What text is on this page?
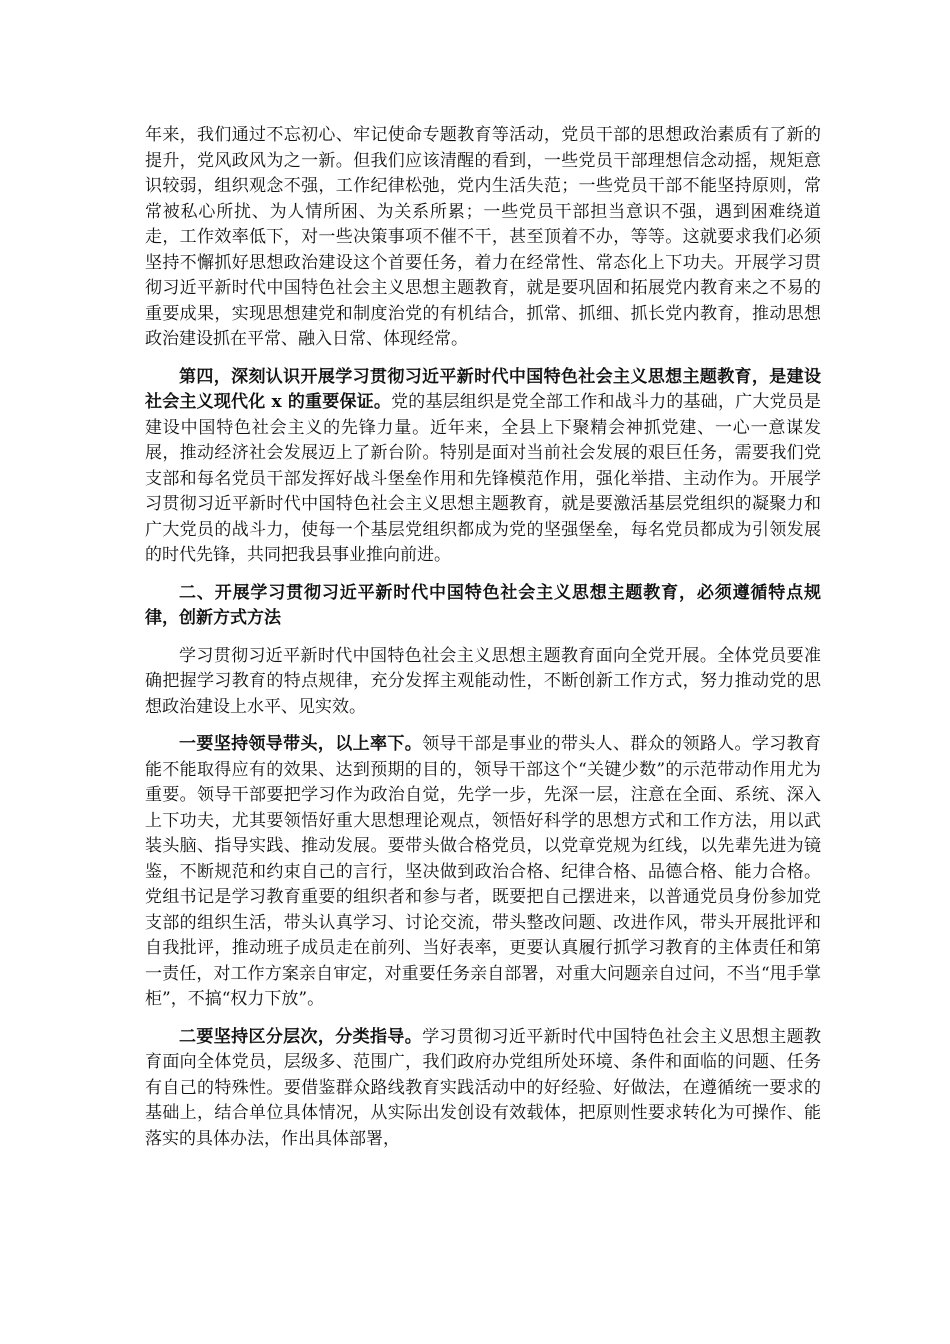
年来，我们通过不忘初心、牢记使命专题教育等活动，党员干部的思想政治素质有了新的提升，党风政风为之一新。但我们应该清醒的看到，一些党员干部理想信念动摇，规矩意识较弱，组织观念不强，工作纪律松弛，党内生活失范；一些党员干部不能坚持原则，常常被私心所扰、为人情所困、为关系所累；一些党员干部担当意识不强，遇到困难绕道走，工作效率低下，对一些决策事项不催不干，甚至顶着不办，等等。这就要求我们必须坚持不懈抓好思想政治建设这个首要任务，着力在经常性、常态化上下功夫。开展学习贯彻习近平新时代中国特色社会主义思想主题教育，就是要巩固和拓展党内教育来之不易的重要成果，实现思想建党和制度治党的有机结合，抓常、抓细、抓长党内教育，推动思想政治建设抓在平常、融入日常、体现经常。

第四，深刻认识开展学习贯彻习近平新时代中国特色社会主义思想主题教育，是建设社会主义现代化 x 的重要保证。党的基层组织是党全部工作和战斗力的基础，广大党员是建设中国特色社会主义的先锋力量。近年来，全县上下聚精会神抓党建、一心一意谋发展，推动经济社会发展迈上了新台阶。特别是面对当前社会发展的艰巨任务，需要我们党支部和每名党员干部发挥好战斗堡垒作用和先锋模范作用，强化举措、主动作为。开展学习贯彻习近平新时代中国特色社会主义思想主题教育，就是要激活基层党组织的凝聚力和广大党员的战斗力，使每一个基层党组织都成为党的坚强堡垒，每名党员都成为引领发展的时代先锋，共同把我县事业推向前进。

二、开展学习贯彻习近平新时代中国特色社会主义思想主题教育，必须遵循特点规律，创新方式方法

学习贯彻习近平新时代中国特色社会主义思想主题教育面向全党开展。全体党员要准确把握学习教育的特点规律，充分发挥主观能动性，不断创新工作方式，努力推动党的思想政治建设上水平、见实效。

一要坚持领导带头，以上率下。领导干部是事业的带头人、群众的领路人。学习教育能不能取得应有的效果、达到预期的目的，领导干部这个“关键少数”的示范带动作用尤为重要。领导干部要把学习作为政治自觉，先学一步，先深一层，注意在全面、系统、深入上下功夫，尤其要领悟好重大思想理论观点，领悟好科学的思想方式和工作方法，用以武装头脑、指导实践、推动发展。要带头做合格党员，以党章党规为红线，以先辈先进为镜鉴，不断规范和约束自己的言行，坚决做到政治合格、纪律合格、品德合格、能力合格。党组书记是学习教育重要的组织者和参与者，既要把自己摆进来，以普通党员身份参加党支部的组织生活，带头认真学习、讨论交流，带头整改问题、改进作风，带头开展批评和自我批评，推动班子成员走在前列、当好表率，更要认真履行抓学习教育的主体责任和第一责任，对工作方案亲自审定，对重要任务亲自部署，对重大问题亲自过问，不当“甩手掌柜”，不搞“权力下放”。

二要坚持区分层次，分类指导。学习贯彻习近平新时代中国特色社会主义思想主题教育面向全体党员，层级多、范围广，我们政府办党组所处环境、条件和面临的问题、任务有自己的特殊性。要借鉴群众路线教育实践活动中的好经验、好做法，在遵循统一要求的基础上，结合单位具体情况，从实际出发创设有效载体，把原则性要求转化为可操作、能落实的具体办法，作出具体部署，
